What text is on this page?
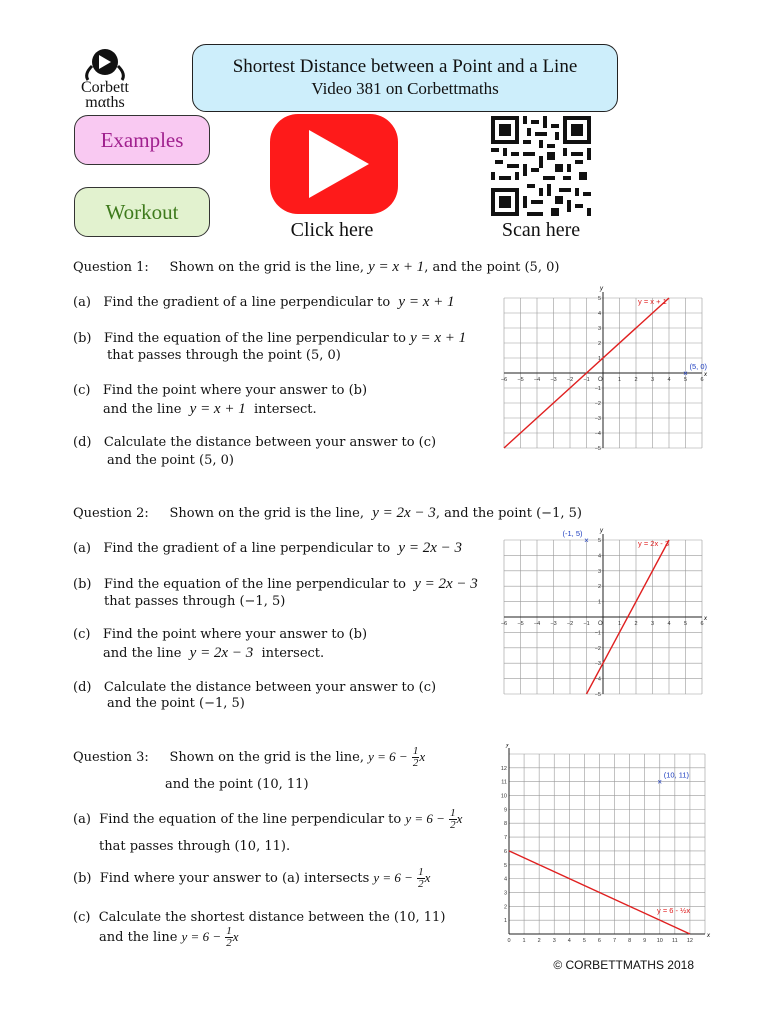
Corbett
mαths
Shortest Distance between a Point and a Line
Video 381 on Corbettmaths
Examples
Workout
Click here	Scan here
Question 1: Shown on the grid is the line, y = x + 1, and the point (5, 0)
(a) Find the gradient of a line perpendicular to y = x + 1
(b) Find the equation of the line perpendicular to y = x + 1
that passes through the point (5, 0)
(c) Find the point where your answer to (b)
and the line y = x + 1 intersect.
(d) Calculate the distance between your answer to (c)
and the point (5, 0)
x
y
−6 −5 −4 −3 −2 −1 O	1 2 3 4 5 6
−5
−4
−3
−2
−1
1
2
3
4
5	y = x + 1
×
(5, 0)
Question 2: Shown on the grid is the line, y = 2x − 3, and the point (−1, 5)
(a) Find the gradient of a line perpendicular to y = 2x − 3
(b) Find the equation of the line perpendicular to y = 2x − 3
that passes through (−1, 5)
(c) Find the point where your answer to (b)
and the line y = 2x − 3 intersect.
(d) Calculate the distance between your answer to (c)
and the point (−1, 5)
x
y
−6 −5 −4 −3 −2 −1 O	1 2 3 4 5 6
−5
−4
−3
−2
−1
1
2
3
4
5	y = 2x - 3
×
(-1, 5)
Question 3: Shown on the grid is the line, $y = 6 - \frac{1}{2}$ x
and the point (10, 11)
(a) Find the equation of the line perpendicular to $y = 6 - \frac{1}{2}$ x
that passes through (10, 11).
(b) Find where your answer to (a) intersects $y = 6 - \frac{1}{2}$ x
(c) Calculate the shortest distance between the (10, 11)
and the line $y = 6 - \frac{1}{2}$ x	x
y
0 1 2 3 4 5 6 7 8 9 10 11 12
1
2
3
4
5
6
7
8
9
10
11
12
y = 6 - ½x
×
(10, 11)
© CORBETTMATHS 2018
